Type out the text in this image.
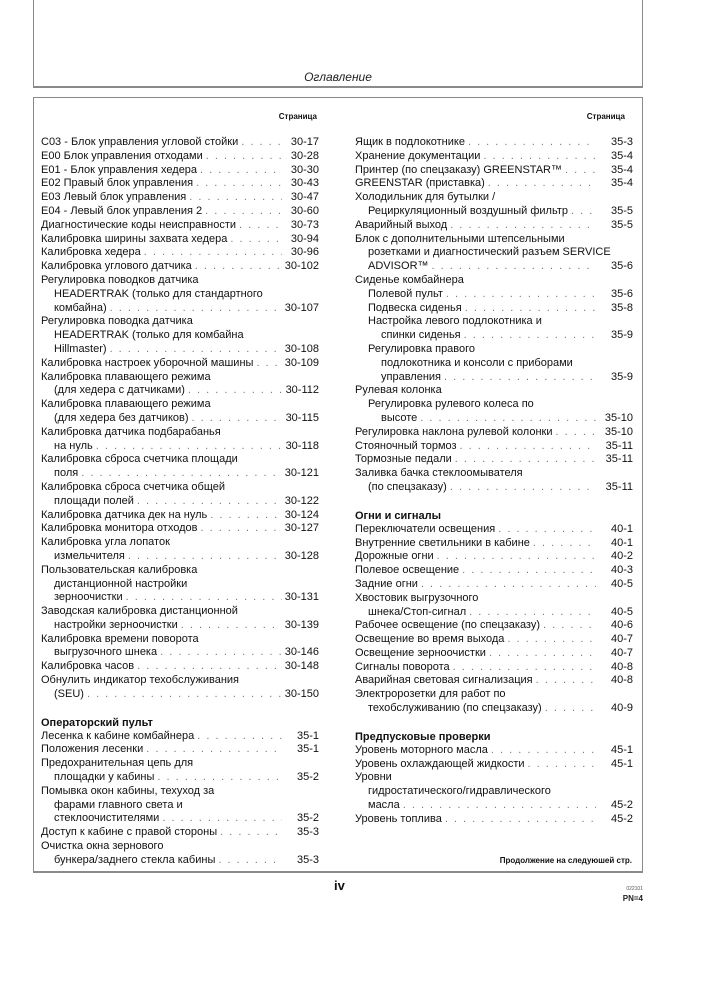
Оглавление
Страница
C03 - Блок управления угловой стойки . . .	30-17
E00 Блок управления отходами . . .	30-28
E01 - Блок управления хедера . . .	30-30
E02 Правый блок управления . . .	30-43
E03 Левый блок управления . . .	30-47
E04 - Левый блок управления 2 . . .	30-60
Диагностические коды неисправности . . .	30-73
Калибровка ширины захвата хедера . . .	30-94
Калибровка хедера . . .	30-96
Калибровка углового датчика . . .	30-102
Регулировка поводков датчика
HEADERTRAK (только для стандартного
комбайна) . . .	30-107
Регулировка поводка датчика
HEADERTRAK (только для комбайна
Hillmaster) . . .	30-108
Калибровка настроек уборочной машины . . .	30-109
Калибровка плавающего режима
(для хедера с датчиками) . . .	30-112
Калибровка плавающего режима
(для хедера без датчиков) . . .	30-115
Калибровка датчика подбарабанья
на нуль . . .	30-118
Калибровка сброса счетчика площади
поля . . .	30-121
Калибровка сброса счетчика общей
площади полей . . .	30-122
Калибровка датчика дек на нуль . . .	30-124
Калибровка монитора отходов . . .	30-127
Калибровка угла лопаток
измельчителя . . .	30-128
Пользовательская калибровка
дистанционной настройки
зерноочистки . . .	30-131
Заводская калибровка дистанционной
настройки зерноочистки . . .	30-139
Калибровка времени поворота
выгрузочного шнека . . .	30-146
Калибровка часов . . .	30-148
Обнулить индикатор техобслуживания
(SEU) . . .	30-150
Операторский пульт
Лесенка к кабине комбайнера . . .	35-1
Положения лесенки . . .	35-1
Предохранительная цепь для
площадки у кабины . . .	35-2
Помывка окон кабины, техуход за
фарами главного света и
стеклоочистителями . . .	35-2
Доступ к кабине с правой стороны . . .	35-3
Очистка окна зернового
бункера/заднего стекла кабины . . .	35-3
Страница
Ящик в подлокотнике . . .	35-3
Хранение документации . . .	35-4
Принтер (по спецзаказу) GREENSTAR™ . . .	35-4
GREENSTAR (приставка) . . .	35-4
Холодильник для бутылки /
Рециркуляционный воздушный фильтр . . .	35-5
Аварийный выход . . .	35-5
Блок с дополнительными штепсельными
розетками и диагностический разъем SERVICE
ADVISOR™ . . .	35-6
Сиденье комбайнера
Полевой пульт . . .	35-6
Подвеска сиденья . . .	35-8
Настройка левого подлокотника и
спинки сиденья . . .	35-9
Регулировка правого
подлокотника и консоли с приборами
управления . . .	35-9
Рулевая колонка
Регулировка рулевого колеса по
высоте . . .	35-10
Регулировка наклона рулевой колонки . . .	35-10
Стояночный тормоз . . .	35-11
Тормозные педали . . .	35-11
Заливка бачка стеклоомывателя
(по спецзаказу) . . .	35-11
Огни и сигналы
Переключатели освещения . . .	40-1
Внутренние светильники в кабине . . .	40-1
Дорожные огни . . .	40-2
Полевое освещение . . .	40-3
Задние огни . . .	40-5
Хвостовик выгрузочного
шнека/Стоп-сигнал . . .	40-5
Рабочее освещение (по спецзаказу) . . .	40-6
Освещение во время выхода . . .	40-7
Освещение зерноочистки . . .	40-7
Сигналы поворота . . .	40-8
Аварийная световая сигнализация . . .	40-8
Электророзетки для работ по
техобслуживанию (по спецзаказу) . . .	40-9
Предпусковые проверки
Уровень моторного масла . . .	45-1
Уровень охлаждающей жидкости . . .	45-1
Уровни
гидростатического/гидравлического
масла . . .	45-2
Уровень топлива . . .	45-2
Продолжение на следуюшей стр.
iv	022101
PN=4
